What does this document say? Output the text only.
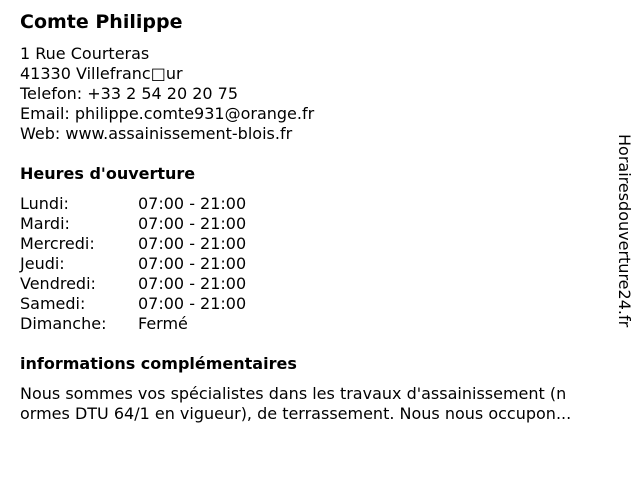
Comte Philippe
1 Rue Courteras
41330 Villefranc□ur
Telefon: +33 2 54 20 20 75
Email: philippe.comte931@orange.fr
Web: www.assainissement-blois.fr
Heures d'ouverture
Lundi:	07:00 - 21:00
Mardi:	07:00 - 21:00
Mercredi:	07:00 - 21:00
Jeudi:	07:00 - 21:00
Vendredi:	07:00 - 21:00
Samedi:	07:00 - 21:00
Dimanche:	Fermé
informations complémentaires
Nous sommes vos spécialistes dans les travaux d'assainissement (n
ormes DTU 64/1 en vigueur), de terrassement. Nous nous occupon...
Horairesdouverture24.fr
